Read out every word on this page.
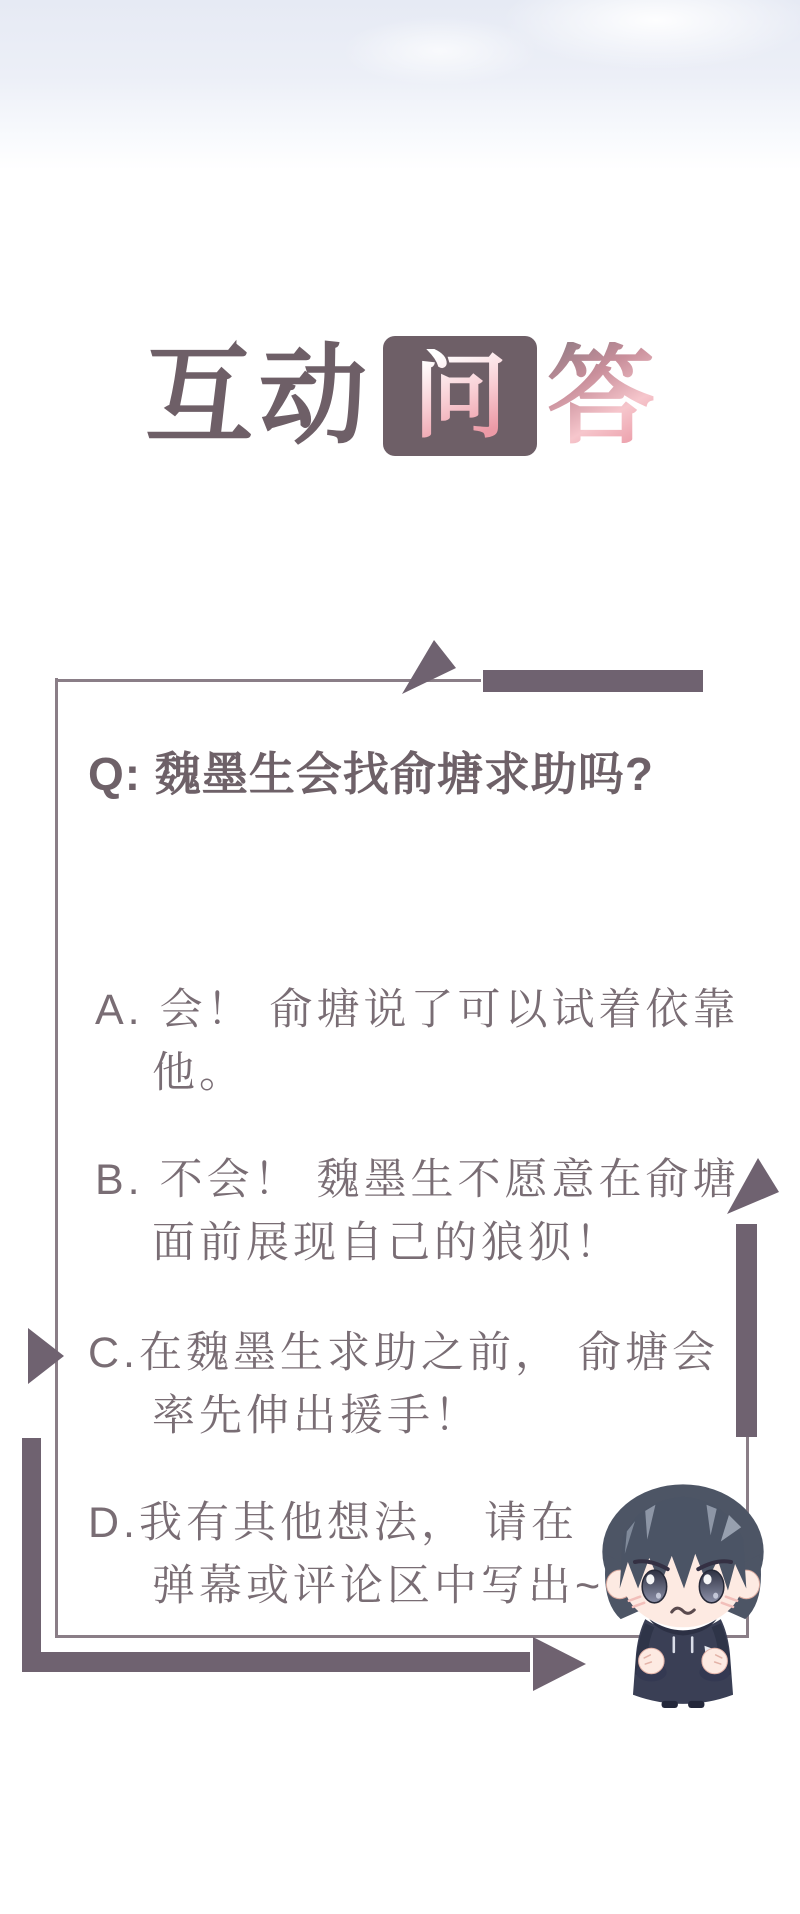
互动 问 答
Q: 魏墨生会找俞塘求助吗?
A. 会！ 俞塘说了可以试着依靠
他。
B. 不会！ 魏墨生不愿意在俞塘
面前展现自己的狼狈！
C.在魏墨生求助之前， 俞塘会
率先伸出援手！
D.我有其他想法， 请在
弹幕或评论区中写出~
